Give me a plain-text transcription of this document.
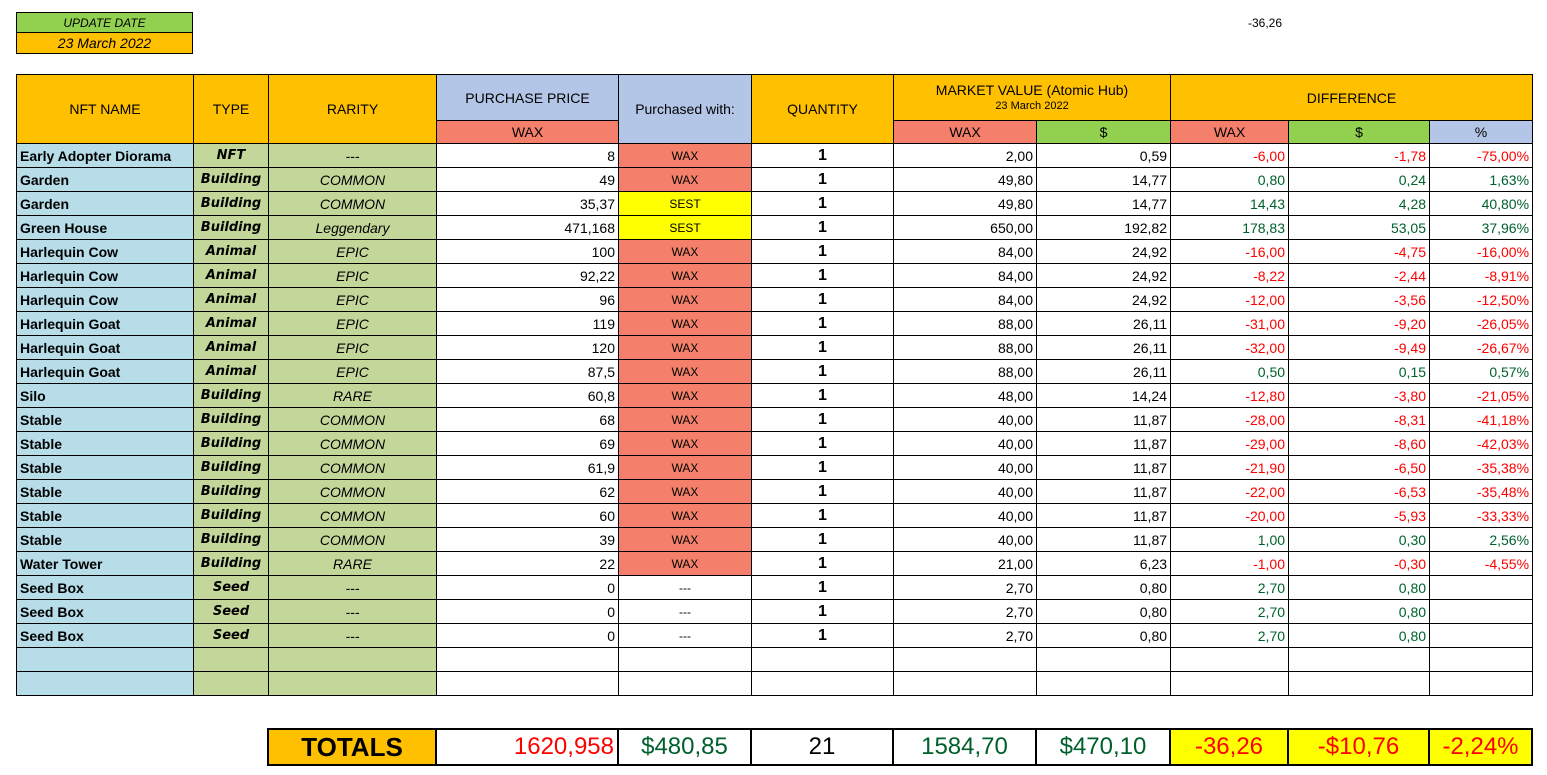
UPDATE DATE
23 March 2022
-36,26
NFT NAME	TYPE	RARITY	PURCHASE PRICE	Purchased with:	QUANTITY	MARKET VALUE (Atomic Hub)
23 March 2022		DIFFERENCE		
			WAX			WAX	$	WAX	$	%
Early Adopter Diorama	NFT	---	8	WAX	1	2,00	0,59	-6,00	-1,78	-75,00%
Garden	Building	COMMON	49	WAX	1	49,80	14,77	0,80	0,24	1,63%
Garden	Building	COMMON	35,37	SEST	1	49,80	14,77	14,43	4,28	40,80%
Green House	Building	Leggendary	471,168	SEST	1	650,00	192,82	178,83	53,05	37,96%
Harlequin Cow	Animal	EPIC	100	WAX	1	84,00	24,92	-16,00	-4,75	-16,00%
Harlequin Cow	Animal	EPIC	92,22	WAX	1	84,00	24,92	-8,22	-2,44	-8,91%
Harlequin Cow	Animal	EPIC	96	WAX	1	84,00	24,92	-12,00	-3,56	-12,50%
Harlequin Goat	Animal	EPIC	119	WAX	1	88,00	26,11	-31,00	-9,20	-26,05%
Harlequin Goat	Animal	EPIC	120	WAX	1	88,00	26,11	-32,00	-9,49	-26,67%
Harlequin Goat	Animal	EPIC	87,5	WAX	1	88,00	26,11	0,50	0,15	0,57%
Silo	Building	RARE	60,8	WAX	1	48,00	14,24	-12,80	-3,80	-21,05%
Stable	Building	COMMON	68	WAX	1	40,00	11,87	-28,00	-8,31	-41,18%
Stable	Building	COMMON	69	WAX	1	40,00	11,87	-29,00	-8,60	-42,03%
Stable	Building	COMMON	61,9	WAX	1	40,00	11,87	-21,90	-6,50	-35,38%
Stable	Building	COMMON	62	WAX	1	40,00	11,87	-22,00	-6,53	-35,48%
Stable	Building	COMMON	60	WAX	1	40,00	11,87	-20,00	-5,93	-33,33%
Stable	Building	COMMON	39	WAX	1	40,00	11,87	1,00	0,30	2,56%
Water Tower	Building	RARE	22	WAX	1	21,00	6,23	-1,00	-0,30	-4,55%
Seed Box	Seed	---	0	---	1	2,70	0,80	2,70	0,80	
Seed Box	Seed	---	0	---	1	2,70	0,80	2,70	0,80	
Seed Box	Seed	---	0	---	1	2,70	0,80	2,70	0,80	

TOTALS	1620,958	$480,85	21	1584,70	$470,10	-36,26	-$10,76	-2,24%
